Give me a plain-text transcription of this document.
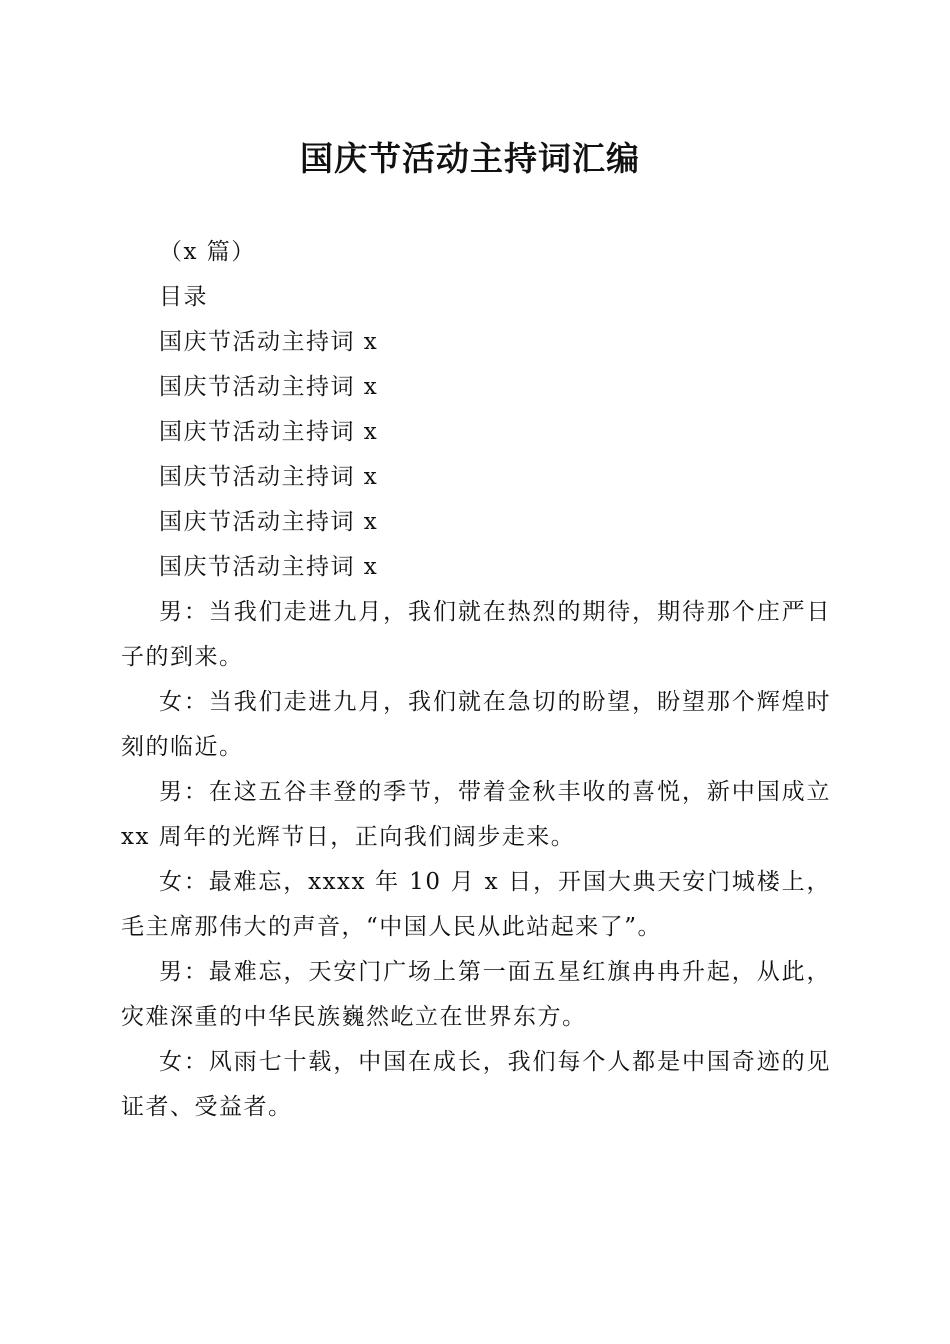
国庆节活动主持词汇编

（x 篇）

目录

国庆节活动主持词 x

国庆节活动主持词 x

国庆节活动主持词 x

国庆节活动主持词 x

国庆节活动主持词 x

国庆节活动主持词 x

男：当我们走进九月，我们就在热烈的期待，期待那个庄严日子的到来。

女：当我们走进九月，我们就在急切的盼望，盼望那个辉煌时刻的临近。

男：在这五谷丰登的季节，带着金秋丰收的喜悦，新中国成立 xx 周年的光辉节日，正向我们阔步走来。

女：最难忘，xxxx 年 10 月 x 日，开国大典天安门城楼上，毛主席那伟大的声音，“中国人民从此站起来了”。

男：最难忘，天安门广场上第一面五星红旗冉冉升起，从此，灾难深重的中华民族巍然屹立在世界东方。

女：风雨七十载，中国在成长，我们每个人都是中国奇迹的见证者、受益者。
